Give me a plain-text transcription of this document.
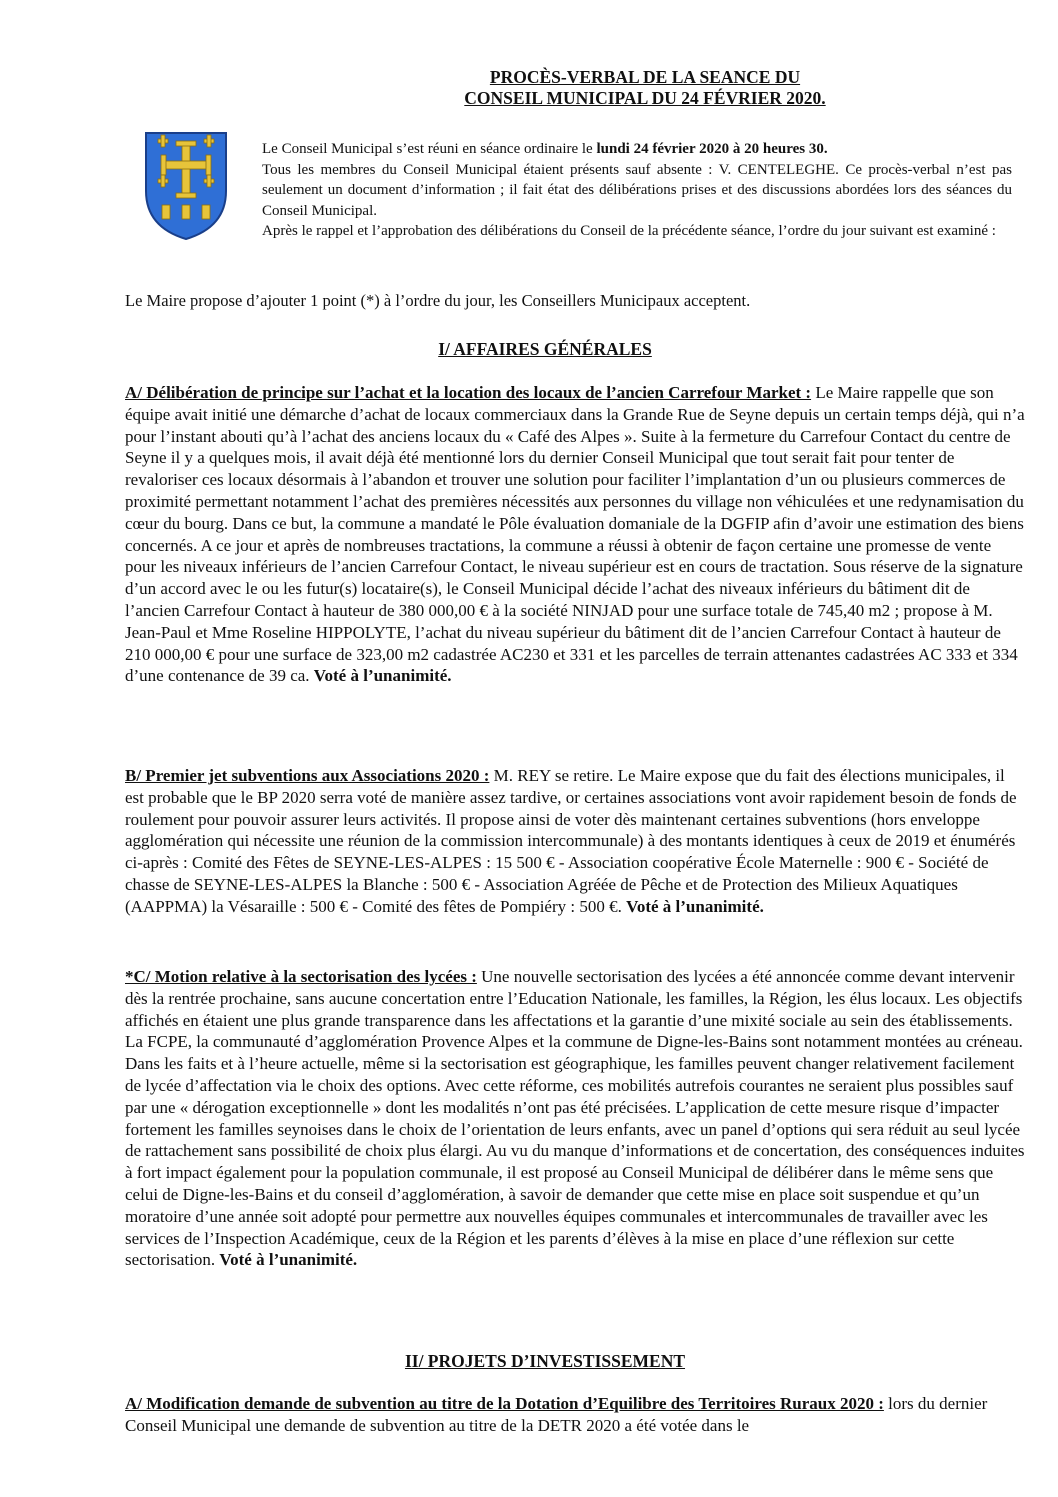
PROCÈS-VERBAL DE LA SEANCE DU
CONSEIL MUNICIPAL DU 24 FÉVRIER 2020.
Le Conseil Municipal s’est réuni en séance ordinaire le lundi 24 février 2020 à 20 heures 30.
Tous les membres du Conseil Municipal étaient présents sauf absente : V. CENTELEGHE. Ce procès-verbal n’est pas seulement un document d’information ; il fait état des délibérations prises et des discussions abordées lors des séances du Conseil Municipal.
Après le rappel et l’approbation des délibérations du Conseil de la précédente séance, l’ordre du jour suivant est examiné :
Le Maire propose d’ajouter 1 point (*) à l’ordre du jour, les Conseillers Municipaux acceptent.
I/ AFFAIRES GÉNÉRALES
A/ Délibération de principe sur l’achat et la location des locaux de l’ancien Carrefour Market : Le Maire rappelle que son équipe avait initié une démarche d’achat de locaux commerciaux dans la Grande Rue de Seyne depuis un certain temps déjà, qui n’a pour l’instant abouti qu’à l’achat des anciens locaux du « Café des Alpes ». Suite à la fermeture du Carrefour Contact du centre de Seyne il y a quelques mois, il avait déjà été mentionné lors du dernier Conseil Municipal que tout serait fait pour tenter de revaloriser ces locaux désormais à l’abandon et trouver une solution pour faciliter l’implantation d’un ou plusieurs commerces de proximité permettant notamment l’achat des premières nécessités aux personnes du village non véhiculées et une redynamisation du cœur du bourg. Dans ce but, la commune a mandaté le Pôle évaluation domaniale de la DGFIP afin d’avoir une estimation des biens concernés. A ce jour et après de nombreuses tractations, la commune a réussi à obtenir de façon certaine une promesse de vente pour les niveaux inférieurs de l’ancien Carrefour Contact, le niveau supérieur est en cours de tractation. Sous réserve de la signature d’un accord avec le ou les futur(s) locataire(s), le Conseil Municipal décide l’achat des niveaux inférieurs du bâtiment dit de l’ancien Carrefour Contact à hauteur de 380 000,00 € à la société NINJAD pour une surface totale de 745,40 m2 ; propose à M. Jean-Paul et Mme Roseline HIPPOLYTE, l’achat du niveau supérieur du bâtiment dit de l’ancien Carrefour Contact à hauteur de 210 000,00 € pour une surface de 323,00 m2 cadastrée AC230 et 331 et les parcelles de terrain attenantes cadastrées AC 333 et 334 d’une contenance de 39 ca. Voté à l’unanimité.
B/ Premier jet subventions aux Associations 2020 : M. REY se retire. Le Maire expose que du fait des élections municipales, il est probable que le BP 2020 serra voté de manière assez tardive, or certaines associations vont avoir rapidement besoin de fonds de roulement pour pouvoir assurer leurs activités. Il propose ainsi de voter dès maintenant certaines subventions (hors enveloppe agglomération qui nécessite une réunion de la commission intercommunale) à des montants identiques à ceux de 2019 et énumérés ci-après : Comité des Fêtes de SEYNE-LES-ALPES : 15 500 € - Association coopérative École Maternelle : 900 € - Société de chasse de SEYNE-LES-ALPES la Blanche : 500 € - Association Agréée de Pêche et de Protection des Milieux Aquatiques (AAPPMA) la Vésaraille : 500 € - Comité des fêtes de Pompiéry : 500 €. Voté à l’unanimité.
*C/ Motion relative à la sectorisation des lycées : Une nouvelle sectorisation des lycées a été annoncée comme devant intervenir dès la rentrée prochaine, sans aucune concertation entre l’Education Nationale, les familles, la Région, les élus locaux. Les objectifs affichés en étaient une plus grande transparence dans les affectations et la garantie d’une mixité sociale au sein des établissements. La FCPE, la communauté d’agglomération Provence Alpes et la commune de Digne-les-Bains sont notamment montées au créneau. Dans les faits et à l’heure actuelle, même si la sectorisation est géographique, les familles peuvent changer relativement facilement de lycée d’affectation via le choix des options. Avec cette réforme, ces mobilités autrefois courantes ne seraient plus possibles sauf par une « dérogation exceptionnelle » dont les modalités n’ont pas été précisées. L’application de cette mesure risque d’impacter fortement les familles seynoises dans le choix de l’orientation de leurs enfants, avec un panel d’options qui sera réduit au seul lycée de rattachement sans possibilité de choix plus élargi. Au vu du manque d’informations et de concertation, des conséquences induites à fort impact également pour la population communale, il est proposé au Conseil Municipal de délibérer dans le même sens que celui de Digne-les-Bains et du conseil d’agglomération, à savoir de demander que cette mise en place soit suspendue et qu’un moratoire d’une année soit adopté pour permettre aux nouvelles équipes communales et intercommunales de travailler avec les services de l’Inspection Académique, ceux de la Région et les parents d’élèves à la mise en place d’une réflexion sur cette sectorisation. Voté à l’unanimité.
II/ PROJETS D’INVESTISSEMENT
A/ Modification demande de subvention au titre de la Dotation d’Equilibre des Territoires Ruraux 2020 : lors du dernier Conseil Municipal une demande de subvention au titre de la DETR 2020 a été votée dans le
